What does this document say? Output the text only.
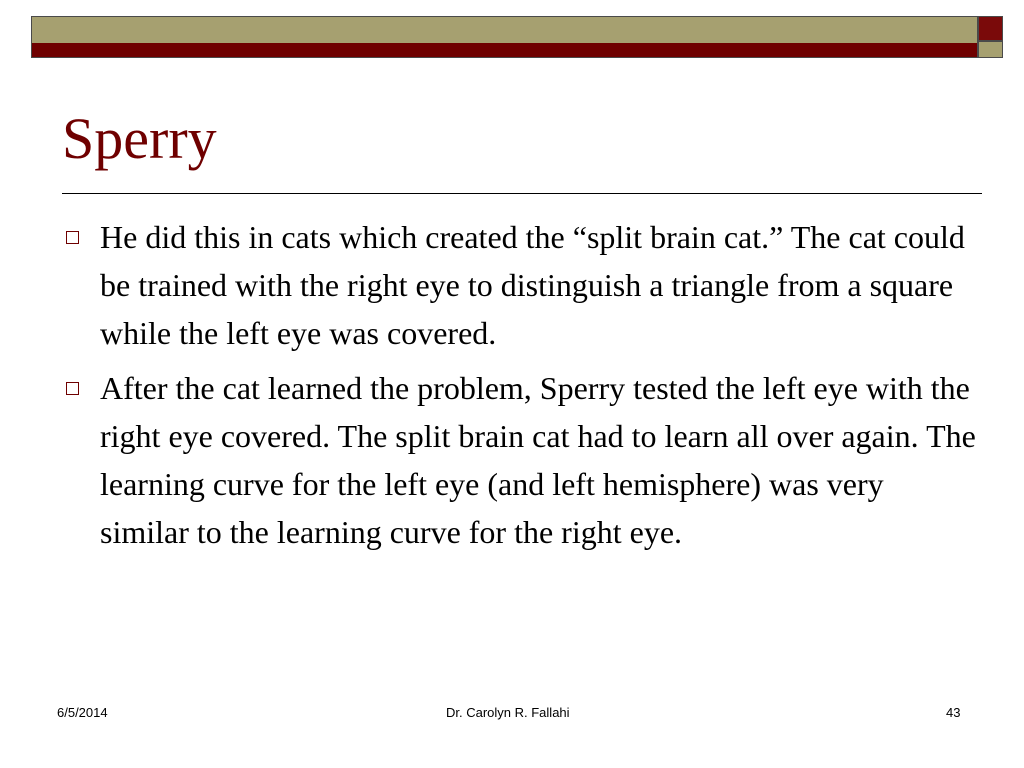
Sperry
He did this in cats which created the “split brain cat.” The cat could be trained with the right eye to distinguish a triangle from a square while the left eye was covered.
After the cat learned the problem, Sperry tested the left eye with the right eye covered. The split brain cat had to learn all over again. The learning curve for the left eye (and left hemisphere) was very similar to the learning curve for the right eye.
6/5/2014	Dr. Carolyn R. Fallahi	43
